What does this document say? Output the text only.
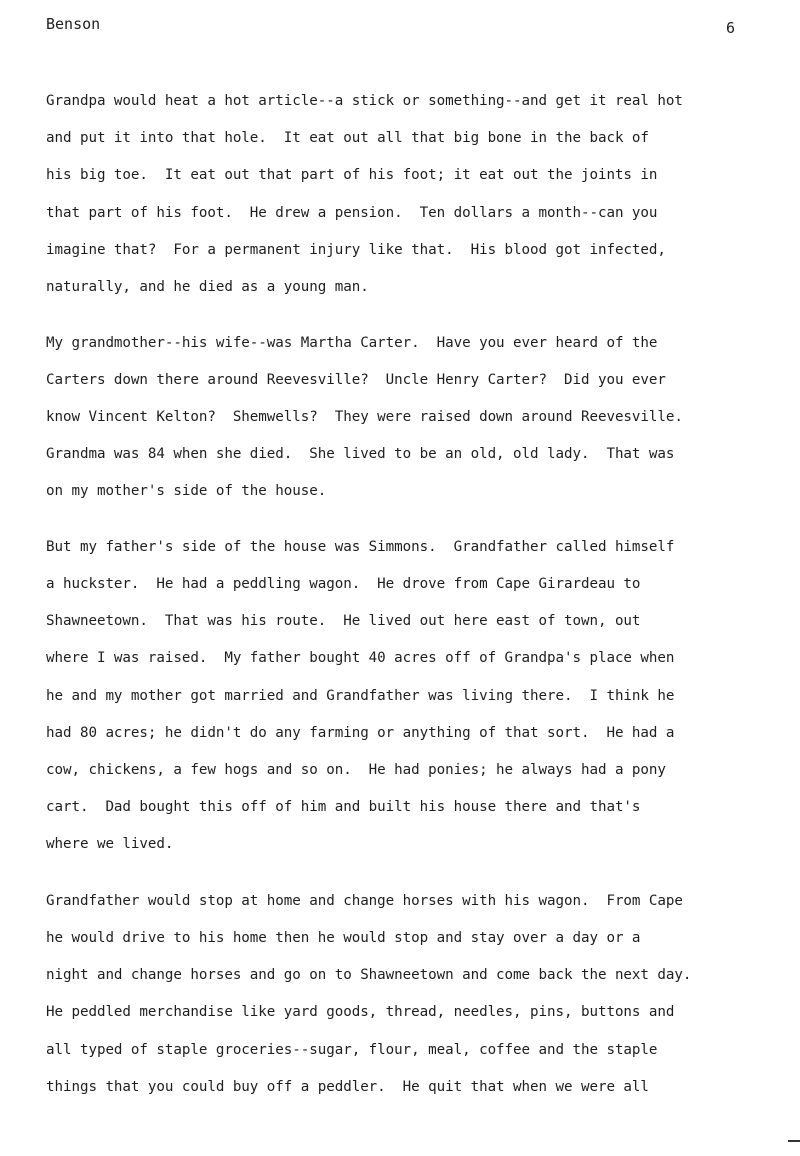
Benson	6
Grandpa would heat a hot article--a stick or something--and get it real hot
and put it into that hole.  It eat out all that big bone in the back of
his big toe.  It eat out that part of his foot; it eat out the joints in
that part of his foot.  He drew a pension.  Ten dollars a month--can you
imagine that?  For a permanent injury like that.  His blood got infected,
naturally, and he died as a young man.
My grandmother--his wife--was Martha Carter.  Have you ever heard of the
Carters down there around Reevesville?  Uncle Henry Carter?  Did you ever
know Vincent Kelton?  Shemwells?  They were raised down around Reevesville.
Grandma was 84 when she died.  She lived to be an old, old lady.  That was
on my mother's side of the house.
But my father's side of the house was Simmons.  Grandfather called himself
a huckster.  He had a peddling wagon.  He drove from Cape Girardeau to
Shawneetown.  That was his route.  He lived out here east of town, out
where I was raised.  My father bought 40 acres off of Grandpa's place when
he and my mother got married and Grandfather was living there.  I think he
had 80 acres; he didn't do any farming or anything of that sort.  He had a
cow, chickens, a few hogs and so on.  He had ponies; he always had a pony
cart.  Dad bought this off of him and built his house there and that's
where we lived.
Grandfather would stop at home and change horses with his wagon.  From Cape
he would drive to his home then he would stop and stay over a day or a
night and change horses and go on to Shawneetown and come back the next day.
He peddled merchandise like yard goods, thread, needles, pins, buttons and
all typed of staple groceries--sugar, flour, meal, coffee and the staple
things that you could buy off a peddler.  He quit that when we were all
